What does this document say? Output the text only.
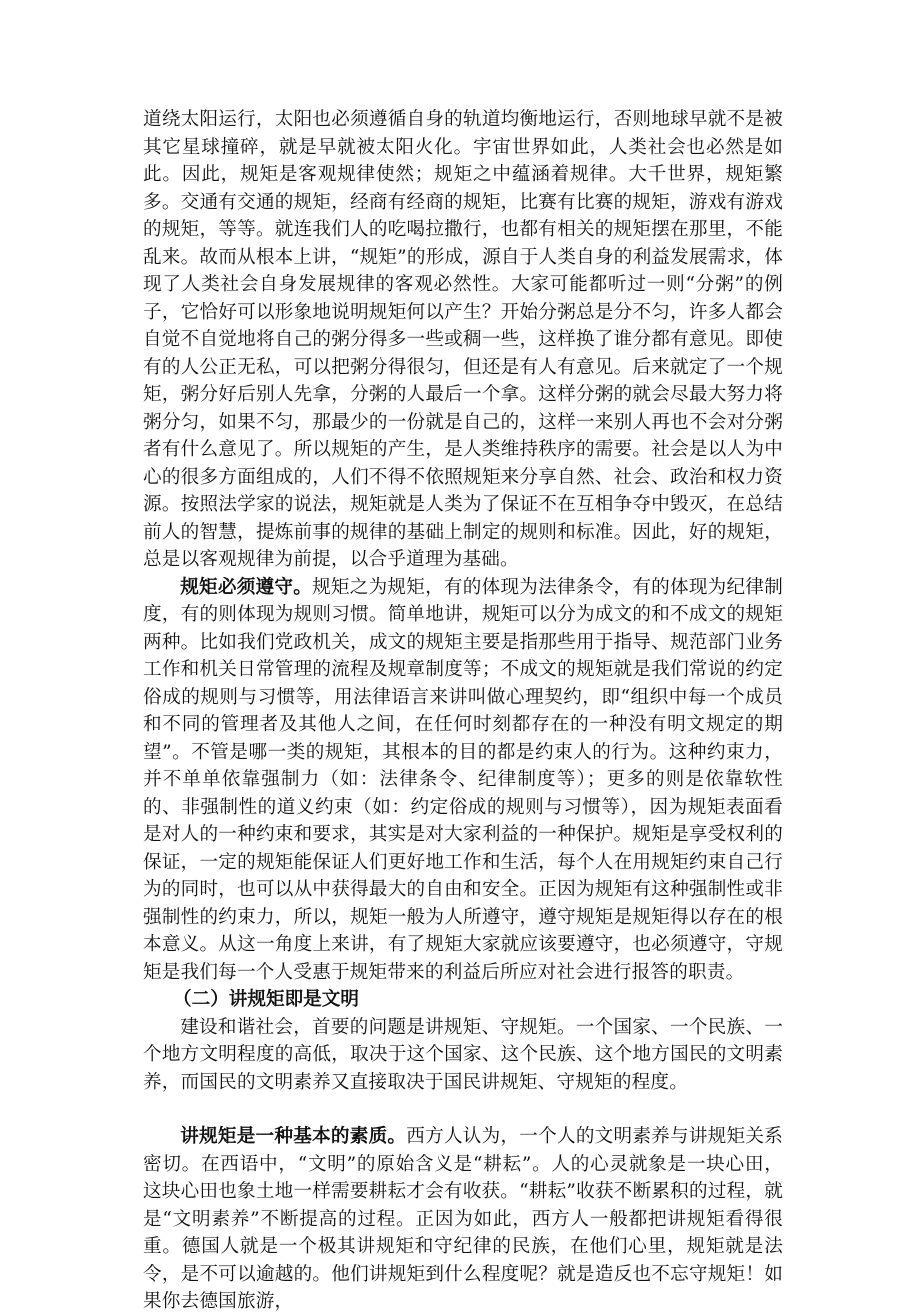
道绕太阳运行，太阳也必须遵循自身的轨道均衡地运行，否则地球早就不是被其它星球撞碎，就是早就被太阳火化。宇宙世界如此，人类社会也必然是如此。因此，规矩是客观规律使然；规矩之中蕴涵着规律。大千世界，规矩繁多。交通有交通的规矩，经商有经商的规矩，比赛有比赛的规矩，游戏有游戏的规矩，等等。就连我们人的吃喝拉撒行，也都有相关的规矩摆在那里，不能乱来。故而从根本上讲，“规矩”的形成，源自于人类自身的利益发展需求，体现了人类社会自身发展规律的客观必然性。大家可能都听过一则“分粥”的例子，它恰好可以形象地说明规矩何以产生？开始分粥总是分不匀，许多人都会自觉不自觉地将自己的粥分得多一些或稠一些，这样换了谁分都有意见。即使有的人公正无私，可以把粥分得很匀，但还是有人有意见。后来就定了一个规矩，粥分好后别人先拿，分粥的人最后一个拿。这样分粥的就会尽最大努力将粥分匀，如果不匀，那最少的一份就是自己的，这样一来别人再也不会对分粥者有什么意见了。所以规矩的产生，是人类维持秩序的需要。社会是以人为中心的很多方面组成的，人们不得不依照规矩来分享自然、社会、政治和权力资源。按照法学家的说法，规矩就是人类为了保证不在互相争夺中毁灭，在总结前人的智慧，提炼前事的规律的基础上制定的规则和标准。因此，好的规矩，总是以客观规律为前提，以合乎道理为基础。

规矩必须遵守。规矩之为规矩，有的体现为法律条令，有的体现为纪律制度，有的则体现为规则习惯。简单地讲，规矩可以分为成文的和不成文的规矩两种。比如我们党政机关，成文的规矩主要是指那些用于指导、规范部门业务工作和机关日常管理的流程及规章制度等；不成文的规矩就是我们常说的约定俗成的规则与习惯等，用法律语言来讲叫做心理契约，即“组织中每一个成员和不同的管理者及其他人之间，在任何时刻都存在的一种没有明文规定的期望”。不管是哪一类的规矩，其根本的目的都是约束人的行为。这种约束力，并不单单依靠强制力（如：法律条令、纪律制度等）；更多的则是依靠软性的、非强制性的道义约束（如：约定俗成的规则与习惯等），因为规矩表面看是对人的一种约束和要求，其实是对大家利益的一种保护。规矩是享受权利的保证，一定的规矩能保证人们更好地工作和生活，每个人在用规矩约束自己行为的同时，也可以从中获得最大的自由和安全。正因为规矩有这种强制性或非强制性的约束力，所以，规矩一般为人所遵守，遵守规矩是规矩得以存在的根本意义。从这一角度上来讲，有了规矩大家就应该要遵守，也必须遵守，守规矩是我们每一个人受惠于规矩带来的利益后所应对社会进行报答的职责。

（二）讲规矩即是文明

建设和谐社会，首要的问题是讲规矩、守规矩。一个国家、一个民族、一个地方文明程度的高低，取决于这个国家、这个民族、这个地方国民的文明素养，而国民的文明素养又直接取决于国民讲规矩、守规矩的程度。

讲规矩是一种基本的素质。西方人认为，一个人的文明素养与讲规矩关系密切。在西语中，“文明”的原始含义是“耕耘”。人的心灵就象是一块心田，这块心田也象土地一样需要耕耘才会有收获。“耕耘”收获不断累积的过程，就是“文明素养”不断提高的过程。正因为如此，西方人一般都把讲规矩看得很重。德国人就是一个极其讲规矩和守纪律的民族，在他们心里，规矩就是法令，是不可以逾越的。他们讲规矩到什么程度呢？就是造反也不忘守规矩！如果你去德国旅游，
